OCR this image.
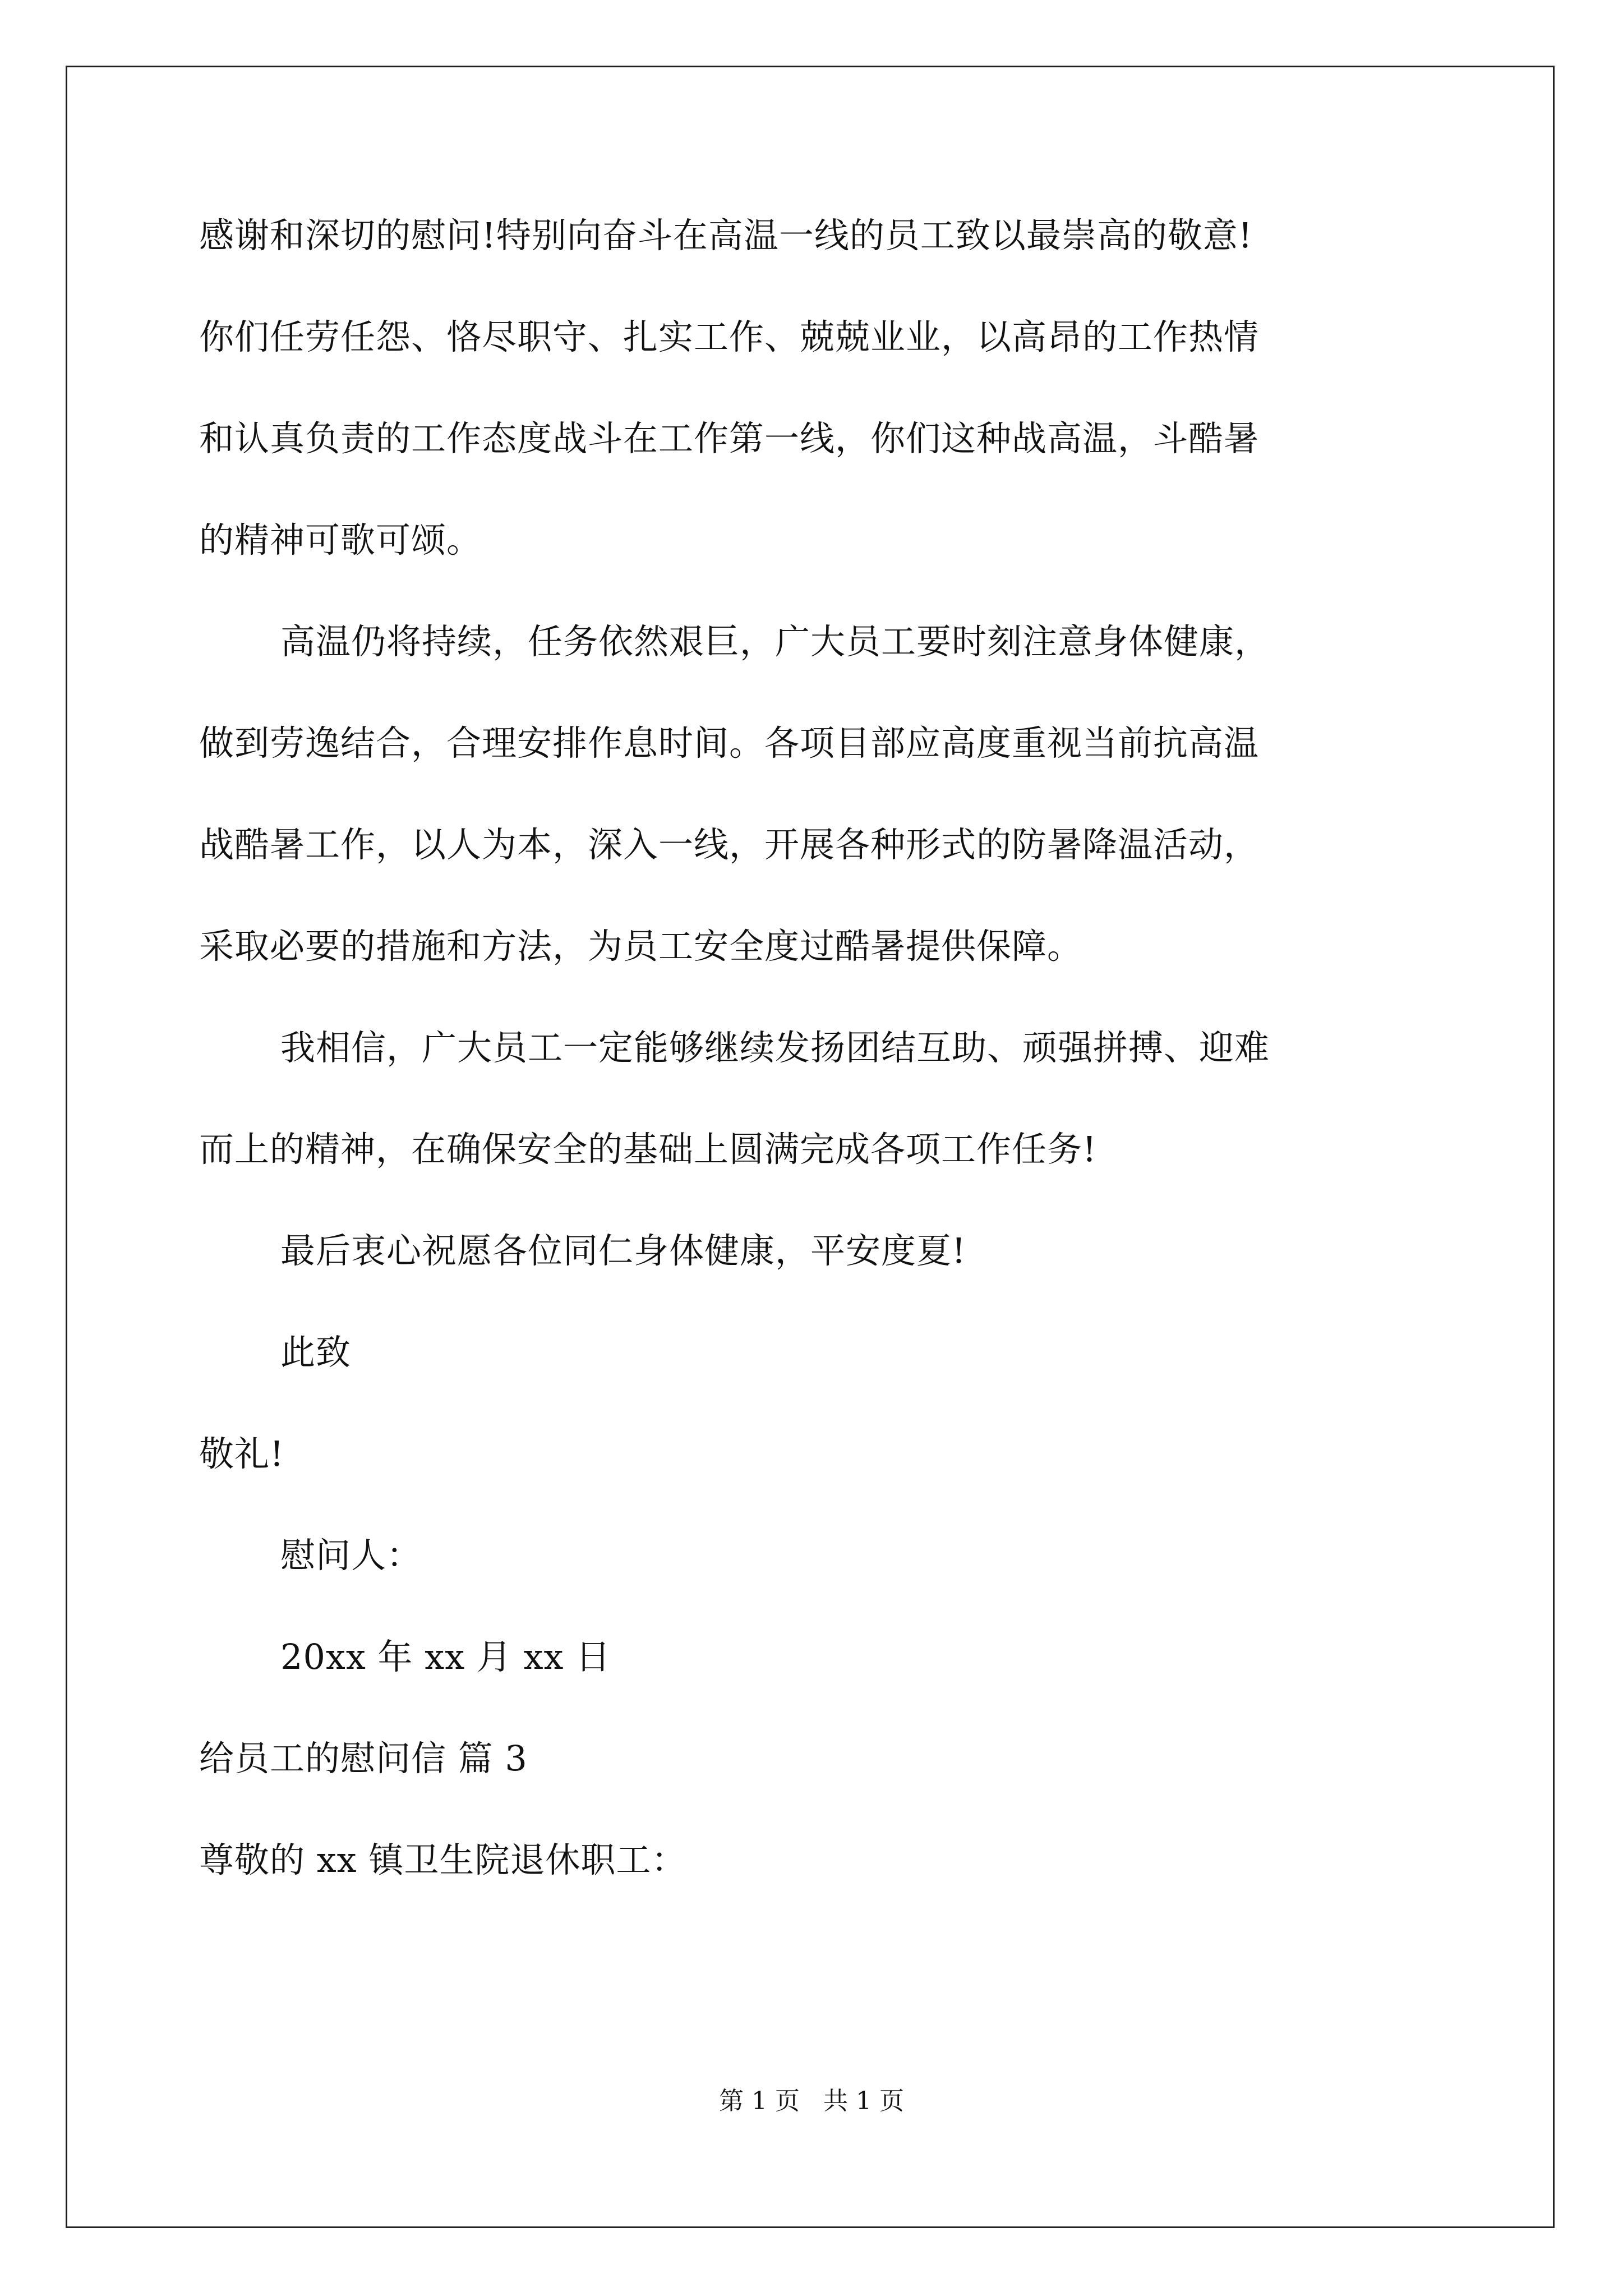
感谢和深切的慰问!特别向奋斗在高温一线的员工致以最崇高的敬意!
你们任劳任怨、恪尽职守、扎实工作、兢兢业业，以高昂的工作热情
和认真负责的工作态度战斗在工作第一线，你们这种战高温，斗酷暑
的精神可歌可颂。
高温仍将持续，任务依然艰巨，广大员工要时刻注意身体健康，
做到劳逸结合，合理安排作息时间。各项目部应高度重视当前抗高温
战酷暑工作，以人为本，深入一线，开展各种形式的防暑降温活动，
采取必要的措施和方法，为员工安全度过酷暑提供保障。
我相信，广大员工一定能够继续发扬团结互助、顽强拼搏、迎难
而上的精神，在确保安全的基础上圆满完成各项工作任务!
最后衷心祝愿各位同仁身体健康，平安度夏!
此致
敬礼!
慰问人：
20xx 年 xx 月 xx 日
给员工的慰问信 篇 3
尊敬的 xx 镇卫生院退休职工：
第 1 页   共 1 页
